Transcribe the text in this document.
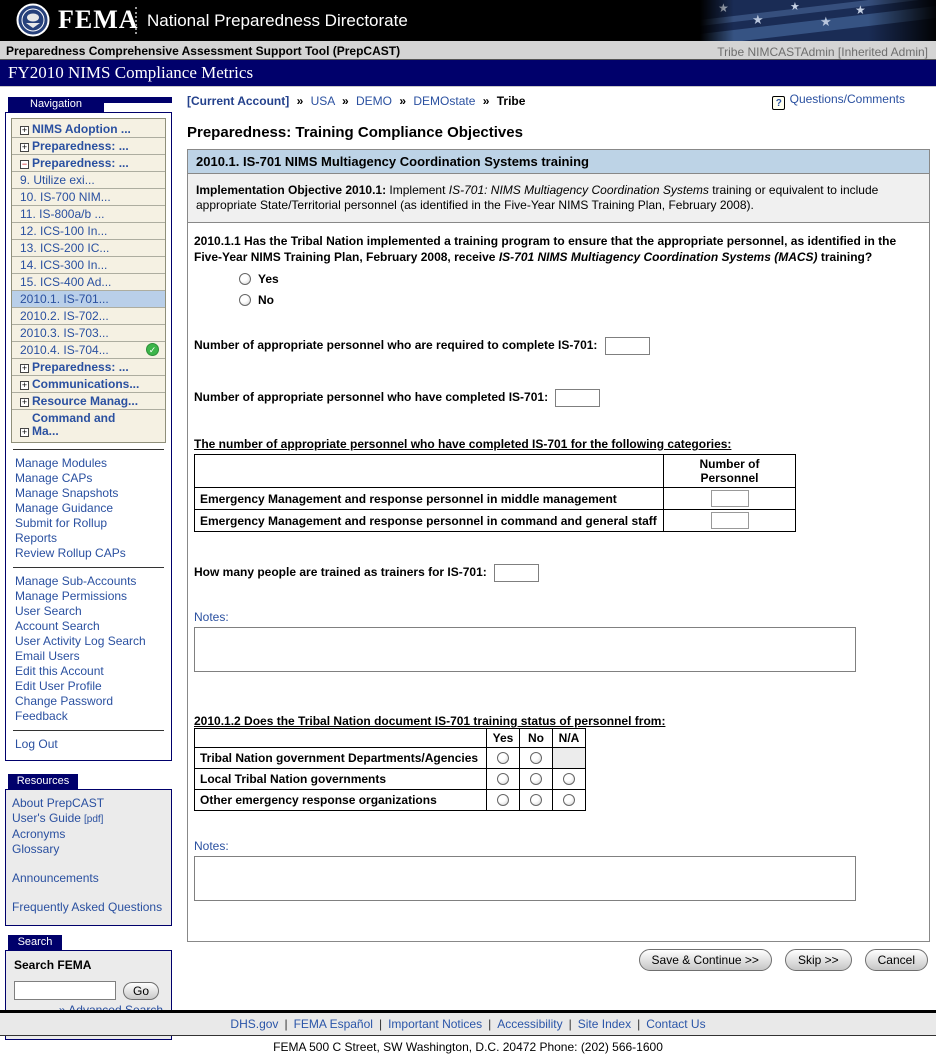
FEMA National Preparedness Directorate	★
★
★
★
Preparedness Comprehensive Assessment Support Tool (PrepCAST)	Tribe NIMCASTAdmin [Inherited Admin]
FY2010 NIMS Compliance Metrics
Navigation
+NIMS Adoption ...
+Preparedness: ...
−Preparedness: ...
9. Utilize exi...
10. IS-700 NIM...
11. IS-800a/b ...
12. ICS-100 In...
13. ICS-200 IC...
14. ICS-300 In...
15. ICS-400 Ad...
2010.1. IS-701...
2010.2. IS-702...
2010.3. IS-703...
2010.4. IS-704...
✓
+Preparedness: ...
+Communications...
+Resource Manag...
+Command and Ma...
Manage Modules
Manage CAPs
Manage Snapshots
Manage Guidance
Submit for Rollup
Reports
Review Rollup CAPs
Manage Sub-Accounts
Manage Permissions
User Search
Account Search
User Activity Log Search
Email Users
Edit this Account
Edit User Profile
Change Password
Feedback
Log Out
Resources
About PrepCAST
User's Guide [pdf]
Acronyms
Glossary
Announcements
Frequently Asked Questions
Search
Search FEMA
Go
[Current Account] » USA » DEMO » DEMOstate » Tribe	? Questions/Comments
Preparedness: Training Compliance Objectives
2010.1. IS-701 NIMS Multiagency Coordination Systems training
Implementation Objective 2010.1: Implement IS-701: NIMS Multiagency Coordination Systems training or equivalent to include appropriate State/Territorial personnel (as identified in the Five-Year NIMS Training Plan, February 2008).

2010.1.1 Has the Tribal Nation implemented a training program to ensure that the appropriate personnel, as identified in the Five-Year NIMS Training Plan, February 2008, receive IS-701 NIMS Multiagency Coordination Systems (MACS) training?

Yes
No
Number of appropriate personnel who are required to complete IS-701:
Number of appropriate personnel who have completed IS-701:
The number of appropriate personnel who have completed IS-701 for the following categories:
	Number of Personnel
Emergency Management and response personnel in middle management	
Emergency Management and response personnel in command and general staff	
How many people are trained as trainers for IS-701:
Notes:
2010.1.2 Does the Tribal Nation document IS-701 training status of personnel from:
	Yes	No	N/A
Tribal Nation government Departments/Agencies	

Local Tribal Nation governments	

Other emergency response organizations	

Notes:
Save & Continue >>	Skip >>	Cancel
DHS.gov | FEMA Español | Important Notices | Accessibility | Site Index | Contact Us
FEMA 500 C Street, SW Washington, D.C. 20472 Phone: (202) 566-1600
